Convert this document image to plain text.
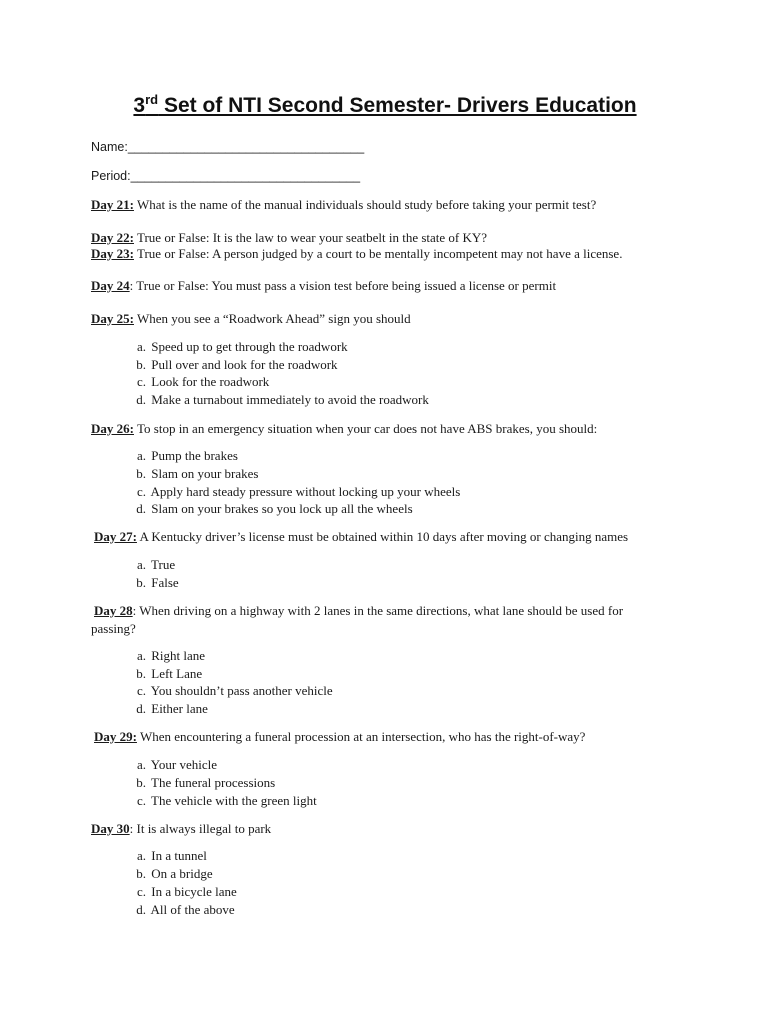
3rd Set of NTI Second Semester- Drivers Education
Name:__________________________________
Period:_________________________________
Day 21: What is the name of the manual individuals should study before taking your permit test?
Day 22: True or False: It is the law to wear your seatbelt in the state of KY?
Day 23: True or False: A person judged by a court to be mentally incompetent may not have a license.
Day 24: True or False: You must pass a vision test before being issued a license or permit
Day 25: When you see a “Roadwork Ahead” sign you should
a. Speed up to get through the roadwork
b. Pull over and look for the roadwork
c. Look for the roadwork
d. Make a turnabout immediately to avoid the roadwork
Day 26: To stop in an emergency situation when your car does not have ABS brakes, you should:
a. Pump the brakes
b. Slam on your brakes
c. Apply hard steady pressure without locking up your wheels
d. Slam on your brakes so you lock up all the wheels
Day 27: A Kentucky driver’s license must be obtained within 10 days after moving or changing names
a. True
b. False
Day 28: When driving on a highway with 2 lanes in the same directions, what lane should be used for
passing?
a. Right lane
b. Left Lane
c. You shouldn’t pass another vehicle
d. Either lane
Day 29: When encountering a funeral procession at an intersection, who has the right-of-way?
a. Your vehicle
b. The funeral processions
c. The vehicle with the green light
Day 30: It is always illegal to park
a. In a tunnel
b. On a bridge
c. In a bicycle lane
d. All of the above
